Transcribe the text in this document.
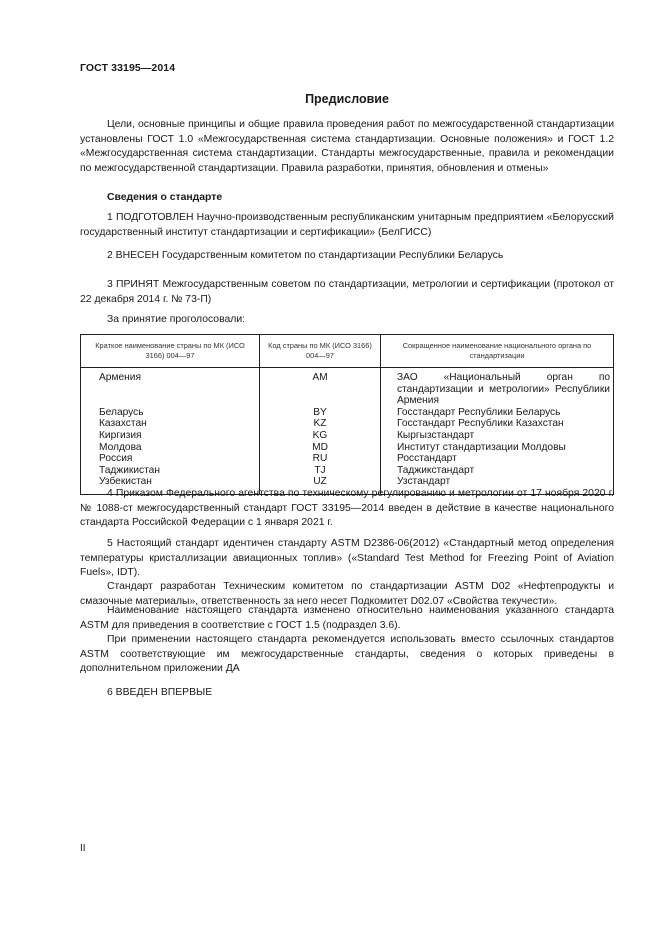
ГОСТ 33195—2014
Предисловие
Цели, основные принципы и общие правила проведения работ по межгосударственной стандартизации установлены ГОСТ 1.0 «Межгосударственная система стандартизации. Основные положения» и ГОСТ 1.2 «Межгосударственная система стандартизации. Стандарты межгосударственные, правила и рекомендации по межгосударственной стандартизации. Правила разработки, принятия, обновления и отмены»
Сведения о стандарте
1 ПОДГОТОВЛЕН Научно-производственным республиканским унитарным предприятием «Белорусский государственный институт стандартизации и сертификации» (БелГИСС)
2 ВНЕСЕН Государственным комитетом по стандартизации Республики Беларусь
3 ПРИНЯТ Межгосударственным советом по стандартизации, метрологии и сертификации (протокол от 22 декабря 2014 г. № 73-П)
За принятие проголосовали:
Краткое наименование страны по МК (ИСО 3166) 004—97	Код страны по МК (ИСО 3166) 004—97	Сокращенное наименование национального органа по стандартизации
Армения	AM	ЗАО «Национальный орган по стандартизации и метрологии» Республики Армения
Беларусь	BY	Госстандарт Республики Беларусь
Казахстан	KZ	Госстандарт Республики Казахстан
Киргизия	KG	Кыргызстандарт
Молдова	MD	Институт стандартизации Молдовы
Россия	RU	Росстандарт
Таджикистан	TJ	Таджикстандарт
Узбекистан	UZ	Узстандарт
4 Приказом Федерального агентства по техническому регулированию и метрологии от 17 ноября 2020 г. № 1088-ст межгосударственный стандарт ГОСТ 33195—2014 введен в действие в качестве национального стандарта Российской Федерации с 1 января 2021 г.
5 Настоящий стандарт идентичен стандарту ASTM D2386-06(2012) «Стандартный метод определения температуры кристаллизации авиационных топлив» («Standard Test Method for Freezing Point of Aviation Fuels», IDT).
Стандарт разработан Техническим комитетом по стандартизации ASTM D02 «Нефтепродукты и смазочные материалы», ответственность за него несет Подкомитет D02.07 «Свойства текучести».
Наименование настоящего стандарта изменено относительно наименования указанного стандарта ASTM для приведения в соответствие с ГОСТ 1.5 (подраздел 3.6).
При применении настоящего стандарта рекомендуется использовать вместо ссылочных стандартов ASTM соответствующие им межгосударственные стандарты, сведения о которых приведены в дополнительном приложении ДА
6 ВВЕДЕН ВПЕРВЫЕ
II
